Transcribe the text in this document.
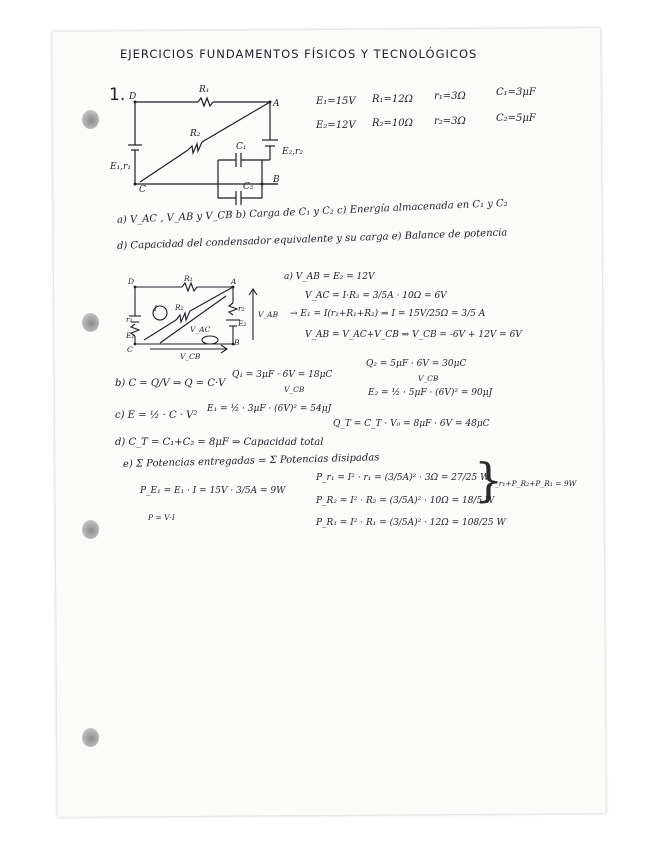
EJERCICIOS FUNDAMENTOS FÍSICOS Y TECNOLÓGICOS
1. D
A
C
B
R₁
R₂
C₁
C₂
E₁,r₁
E₂,r₂
E₁=15V R₁=12Ω r₁=3Ω	C₁=3μF
E₂=12V R₂=10Ω r₂=3Ω	C₂=5μF
a) V_AC , V_AB y V_CB b) Carga de C₁ y C₂ c) Energía almacenada en C₁ y C₂
d) Capacidad del condensador equivalente y su carga e) Balance de potencia
D	A
C
B
R₁
R₂
E₁
r₁	E₂
r₂
I
V_AC
V_AB
V_CB
a) V_AB = E₂ = 12V
V_AC = I·R₂ = 3/5A · 10Ω = 6V
→ E₁ = I(r₁+R₁+R₂) ⇒ I = 15V/25Ω = 3/5 A
V_AB = V_AC+V_CB ⇒ V_CB = -6V + 12V = 6V
b) C = Q/V ⇒ Q = C·V
Q₁ = 3μF · 6V = 18μC
Q₂ = 5μF · 6V = 30μC
V_CB
V_CB
c) E = ½ · C · V²
E₁ = ½ · 3μF · (6V)² = 54μJ
E₂ = ½ · 5μF · (6V)² = 90μJ
d) C_T = C₁+C₂ = 8μF ⇒ Capacidad total
Q_T = C_T · V₀ = 8μF · 6V = 48μC
e) Σ Potencias entregadas = Σ Potencias disipadas
P_E₁ = E₁ · I = 15V · 3/5A = 9W
P = V·I
P_r₁ = I² · r₁ = (3/5A)² · 3Ω = 27/25 W
P_R₂ = I² · R₂ = (3/5A)² · 10Ω = 18/5 W
P_R₁ = I² · R₁ = (3/5A)² · 12Ω = 108/25 W
}
P_r₁+P_R₂+P_R₁ = 9W
